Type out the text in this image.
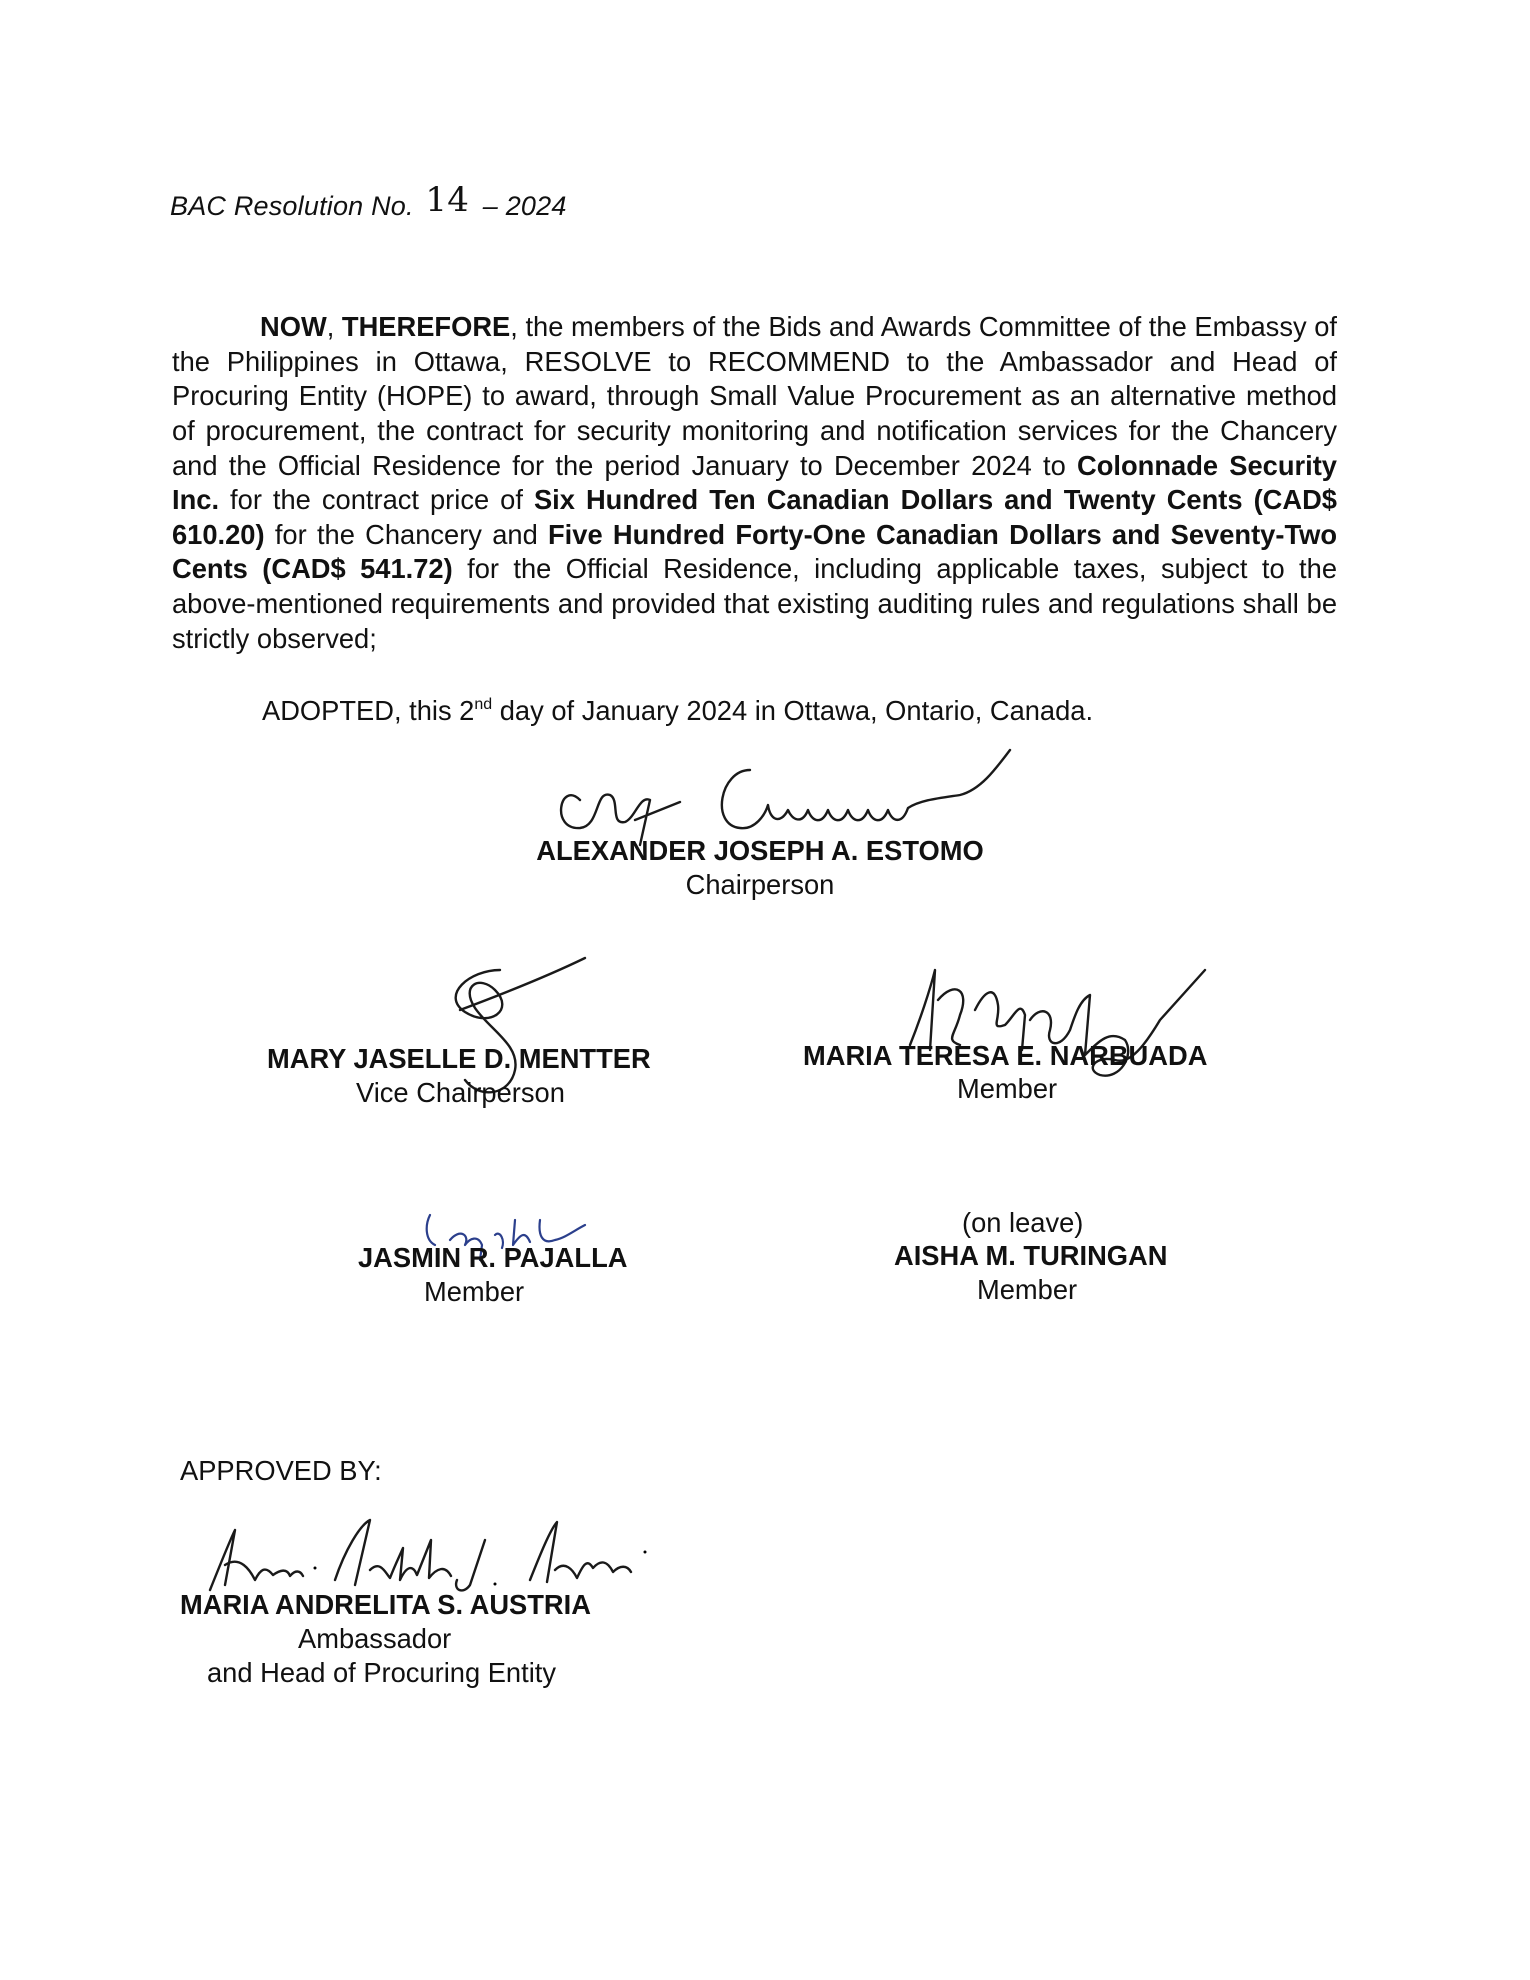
BAC Resolution No. 14 – 2024

NOW, THEREFORE, the members of the Bids and Awards Committee of the Embassy of the Philippines in Ottawa, RESOLVE to RECOMMEND to the Ambassador and Head of Procuring Entity (HOPE) to award, through Small Value Procurement as an alternative method of procurement, the contract for security monitoring and notification services for the Chancery and the Official Residence for the period January to December 2024 to Colonnade Security Inc. for the contract price of Six Hundred Ten Canadian Dollars and Twenty Cents (CAD$ 610.20) for the Chancery and Five Hundred Forty-One Canadian Dollars and Seventy-Two Cents (CAD$ 541.72) for the Official Residence, including applicable taxes, subject to the above-mentioned requirements and provided that existing auditing rules and regulations shall be strictly observed;

ADOPTED, this 2nd day of January 2024 in Ottawa, Ontario, Canada.
ALEXANDER JOSEPH A. ESTOMO
Chairperson
MARY JASELLE D. MENTTER
Vice Chairperson
MARIA TERESA E. NARBUADA
Member
JASMIN R. PAJALLA
Member
(on leave)
AISHA M. TURINGAN
Member
APPROVED BY:
MARIA ANDRELITA S. AUSTRIA
Ambassador
and Head of Procuring Entity
